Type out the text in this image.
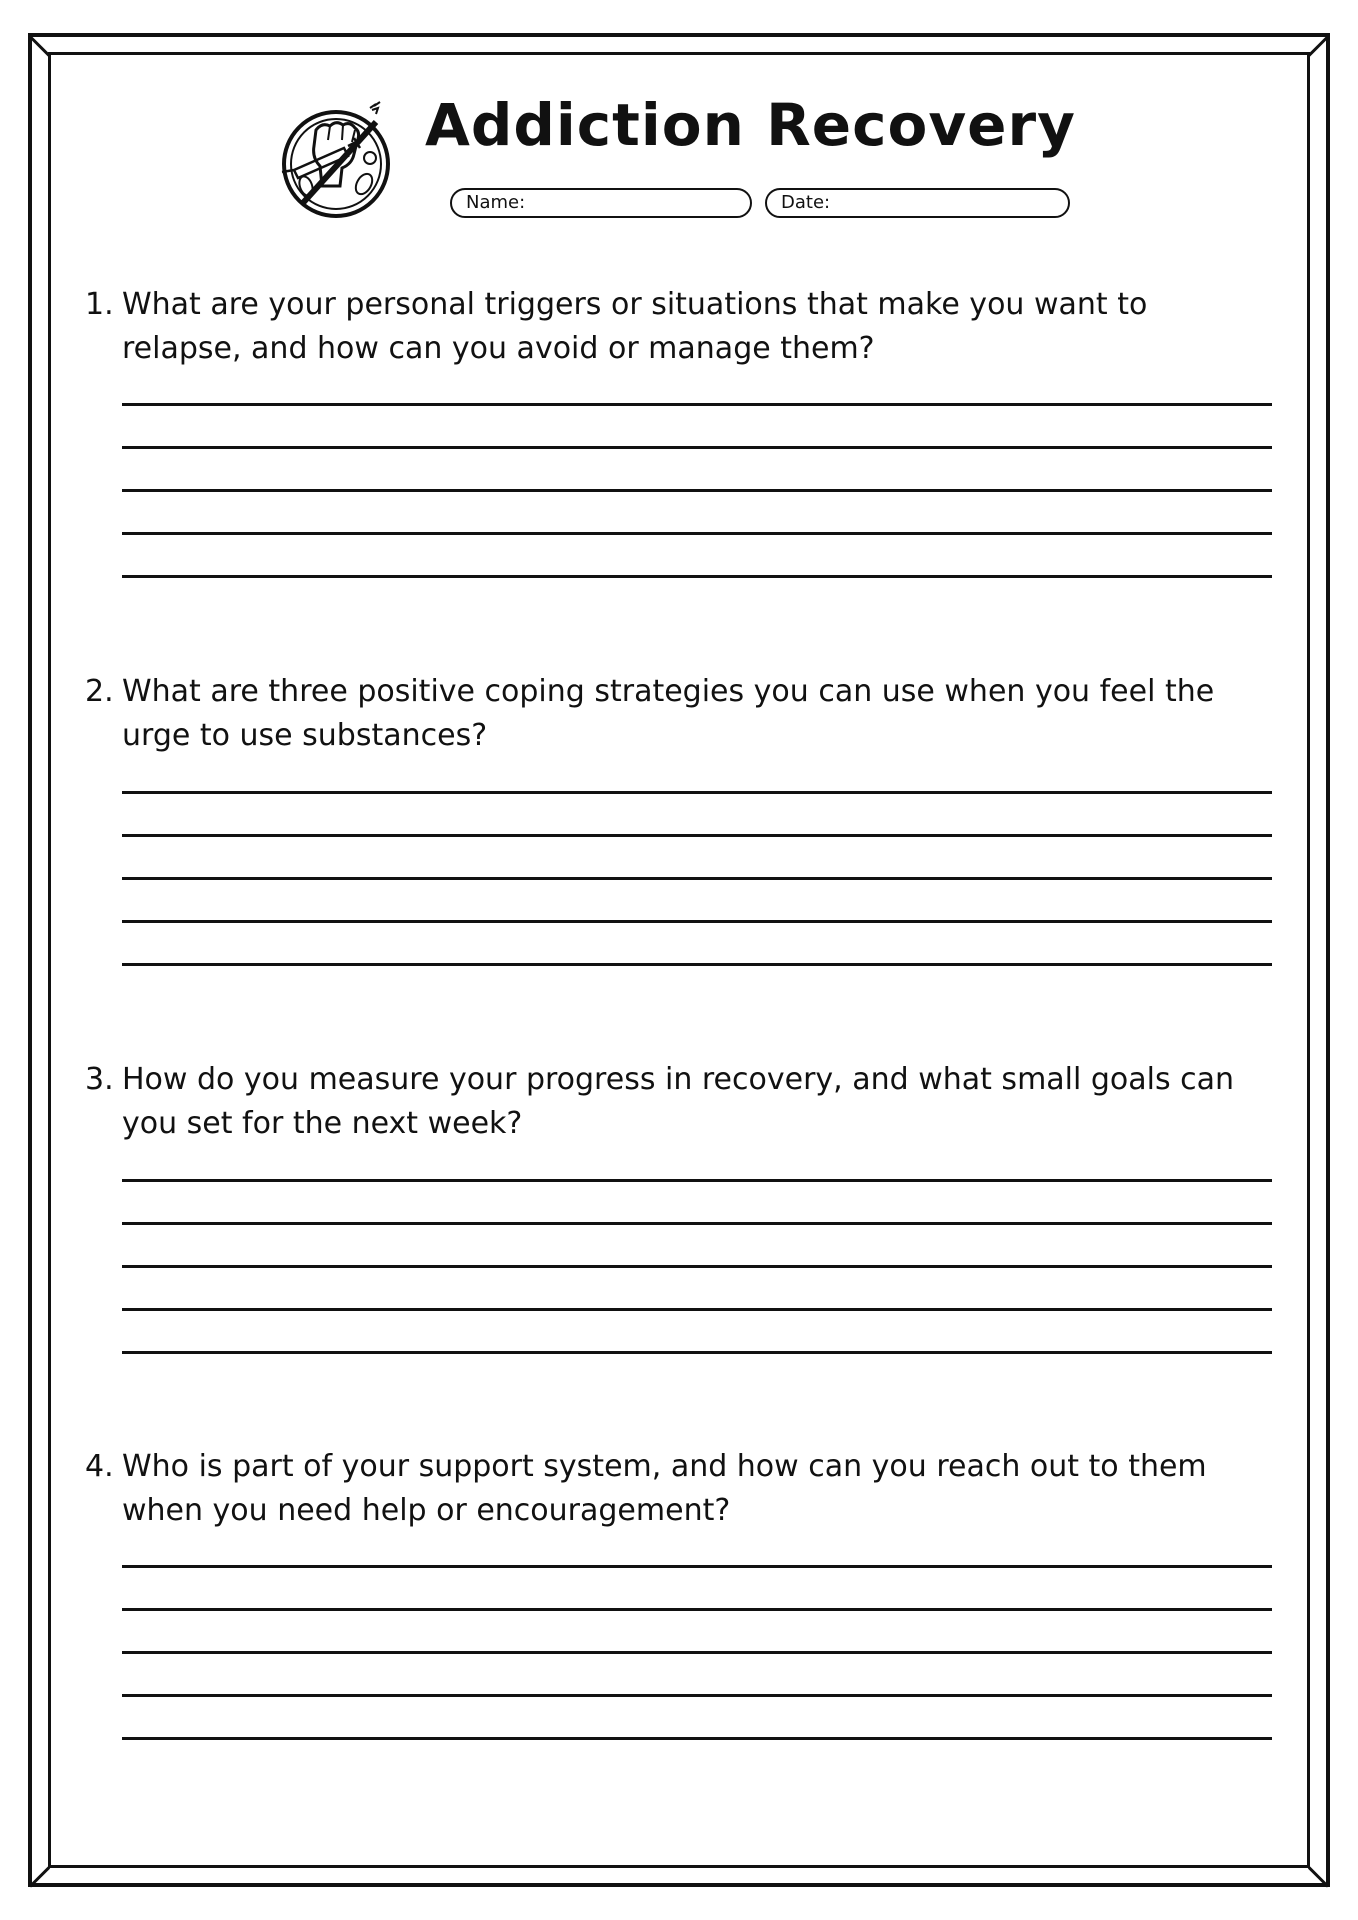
Addiction Recovery
Name:	Date:
1. What are your personal triggers or situations that make you want to relapse, and how can you avoid or manage them?
2. What are three positive coping strategies you can use when you feel the urge to use substances?
3. How do you measure your progress in recovery, and what small goals can you set for the next week?
4. Who is part of your support system, and how can you reach out to them when you need help or encouragement?
